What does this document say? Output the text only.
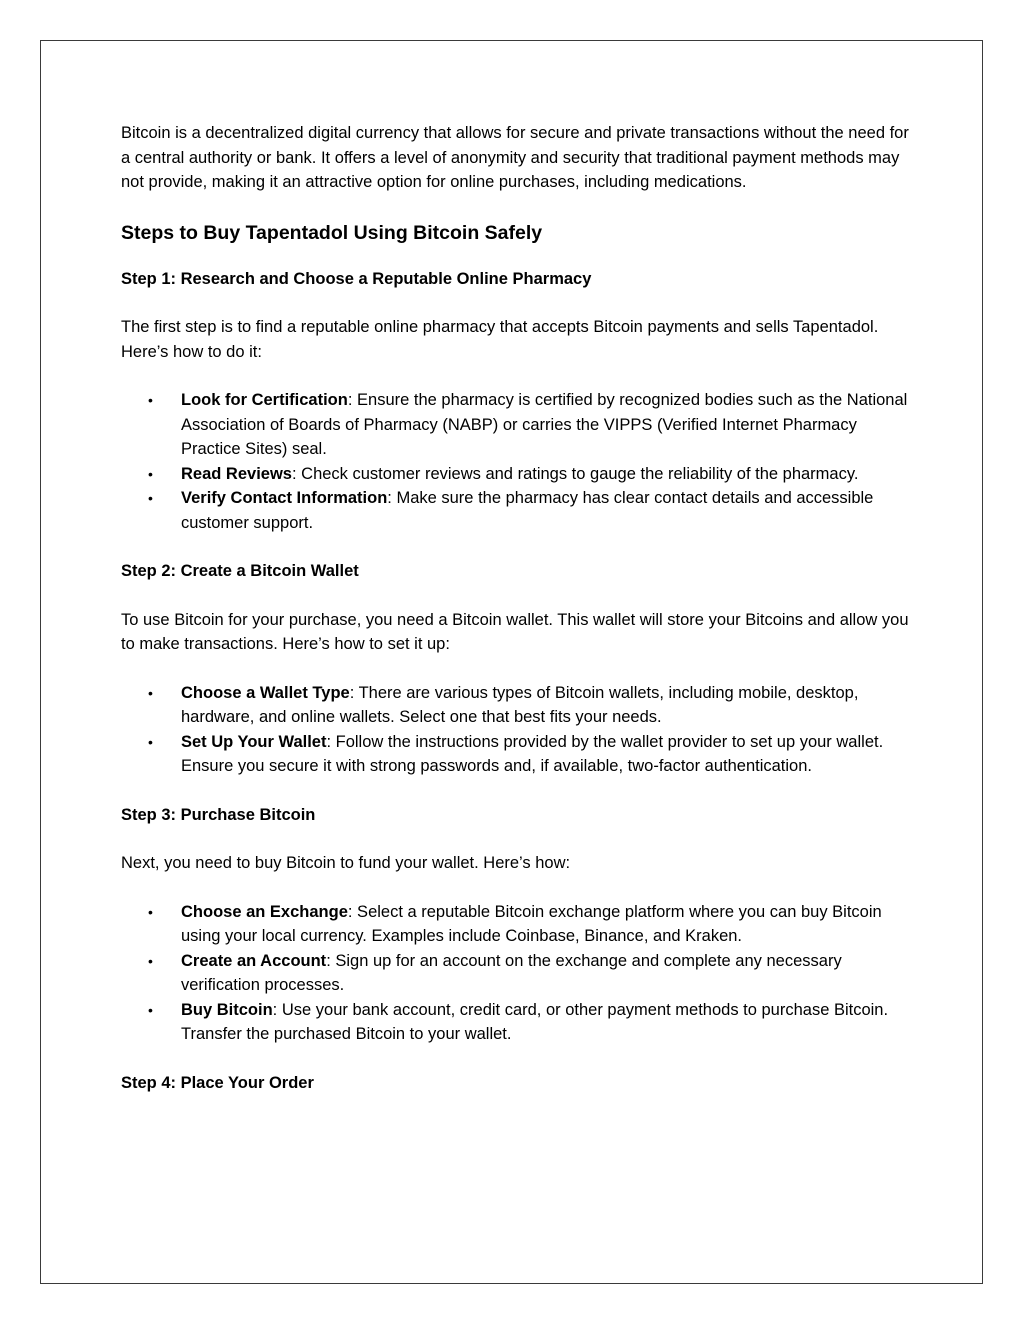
Bitcoin is a decentralized digital currency that allows for secure and private transactions without the need for a central authority or bank. It offers a level of anonymity and security that traditional payment methods may not provide, making it an attractive option for online purchases, including medications.

Steps to Buy Tapentadol Using Bitcoin Safely
Step 1: Research and Choose a Reputable Online Pharmacy

The first step is to find a reputable online pharmacy that accepts Bitcoin payments and sells Tapentadol. Here’s how to do it:

• Look for Certification: Ensure the pharmacy is certified by recognized bodies such as the National Association of Boards of Pharmacy (NABP) or carries the VIPPS (Verified Internet Pharmacy Practice Sites) seal.
• Read Reviews: Check customer reviews and ratings to gauge the reliability of the pharmacy.
• Verify Contact Information: Make sure the pharmacy has clear contact details and accessible customer support.
Step 2: Create a Bitcoin Wallet

To use Bitcoin for your purchase, you need a Bitcoin wallet. This wallet will store your Bitcoins and allow you to make transactions. Here’s how to set it up:

• Choose a Wallet Type: There are various types of Bitcoin wallets, including mobile, desktop, hardware, and online wallets. Select one that best fits your needs.
• Set Up Your Wallet: Follow the instructions provided by the wallet provider to set up your wallet. Ensure you secure it with strong passwords and, if available, two-factor authentication.
Step 3: Purchase Bitcoin

Next, you need to buy Bitcoin to fund your wallet. Here’s how:

• Choose an Exchange: Select a reputable Bitcoin exchange platform where you can buy Bitcoin using your local currency. Examples include Coinbase, Binance, and Kraken.
• Create an Account: Sign up for an account on the exchange and complete any necessary verification processes.
• Buy Bitcoin: Use your bank account, credit card, or other payment methods to purchase Bitcoin. Transfer the purchased Bitcoin to your wallet.
Step 4: Place Your Order
